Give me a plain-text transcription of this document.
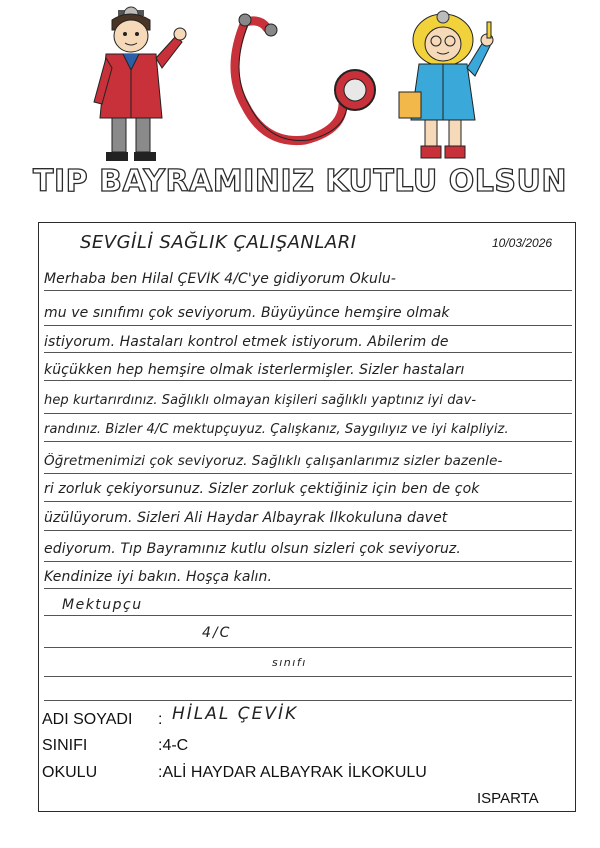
TIP BAYRAMINIZ KUTLU OLSUN
SEVGİLİ SAĞLIK ÇALIŞANLARI	10/03/2026
Merhaba ben Hilal ÇEVİK 4/C'ye gidiyorum Okulu-
mu ve sınıfımı çok seviyorum. Büyüyünce hemşire olmak
istiyorum. Hastaları kontrol etmek istiyorum. Abilerim de
küçükken hep hemşire olmak isterlermişler. Sizler hastaları
hep kurtarırdınız. Sağlıklı olmayan kişileri sağlıklı yaptınız iyi dav-
randınız. Bizler 4/C mektupçuyuz. Çalışkanız, Saygılıyız ve iyi kalpliyiz.
Öğretmenimizi çok seviyoruz. Sağlıklı çalışanlarımız sizler bazenle-
ri zorluk çekiyorsunuz. Sizler zorluk çektiğiniz için ben de çok
üzülüyorum. Sizleri Ali Haydar Albayrak İlkokuluna davet
ediyorum. Tıp Bayramınız kutlu olsun sizleri çok seviyoruz.
Kendinize iyi bakın. Hoşça kalın.
Mektupçu
4/C
sınıfı
ADI SOYADI : HİLAL ÇEVİK
SINIFI	:4-C
OKULU	:ALİ HAYDAR ALBAYRAK İLKOKULU
ISPARTA
